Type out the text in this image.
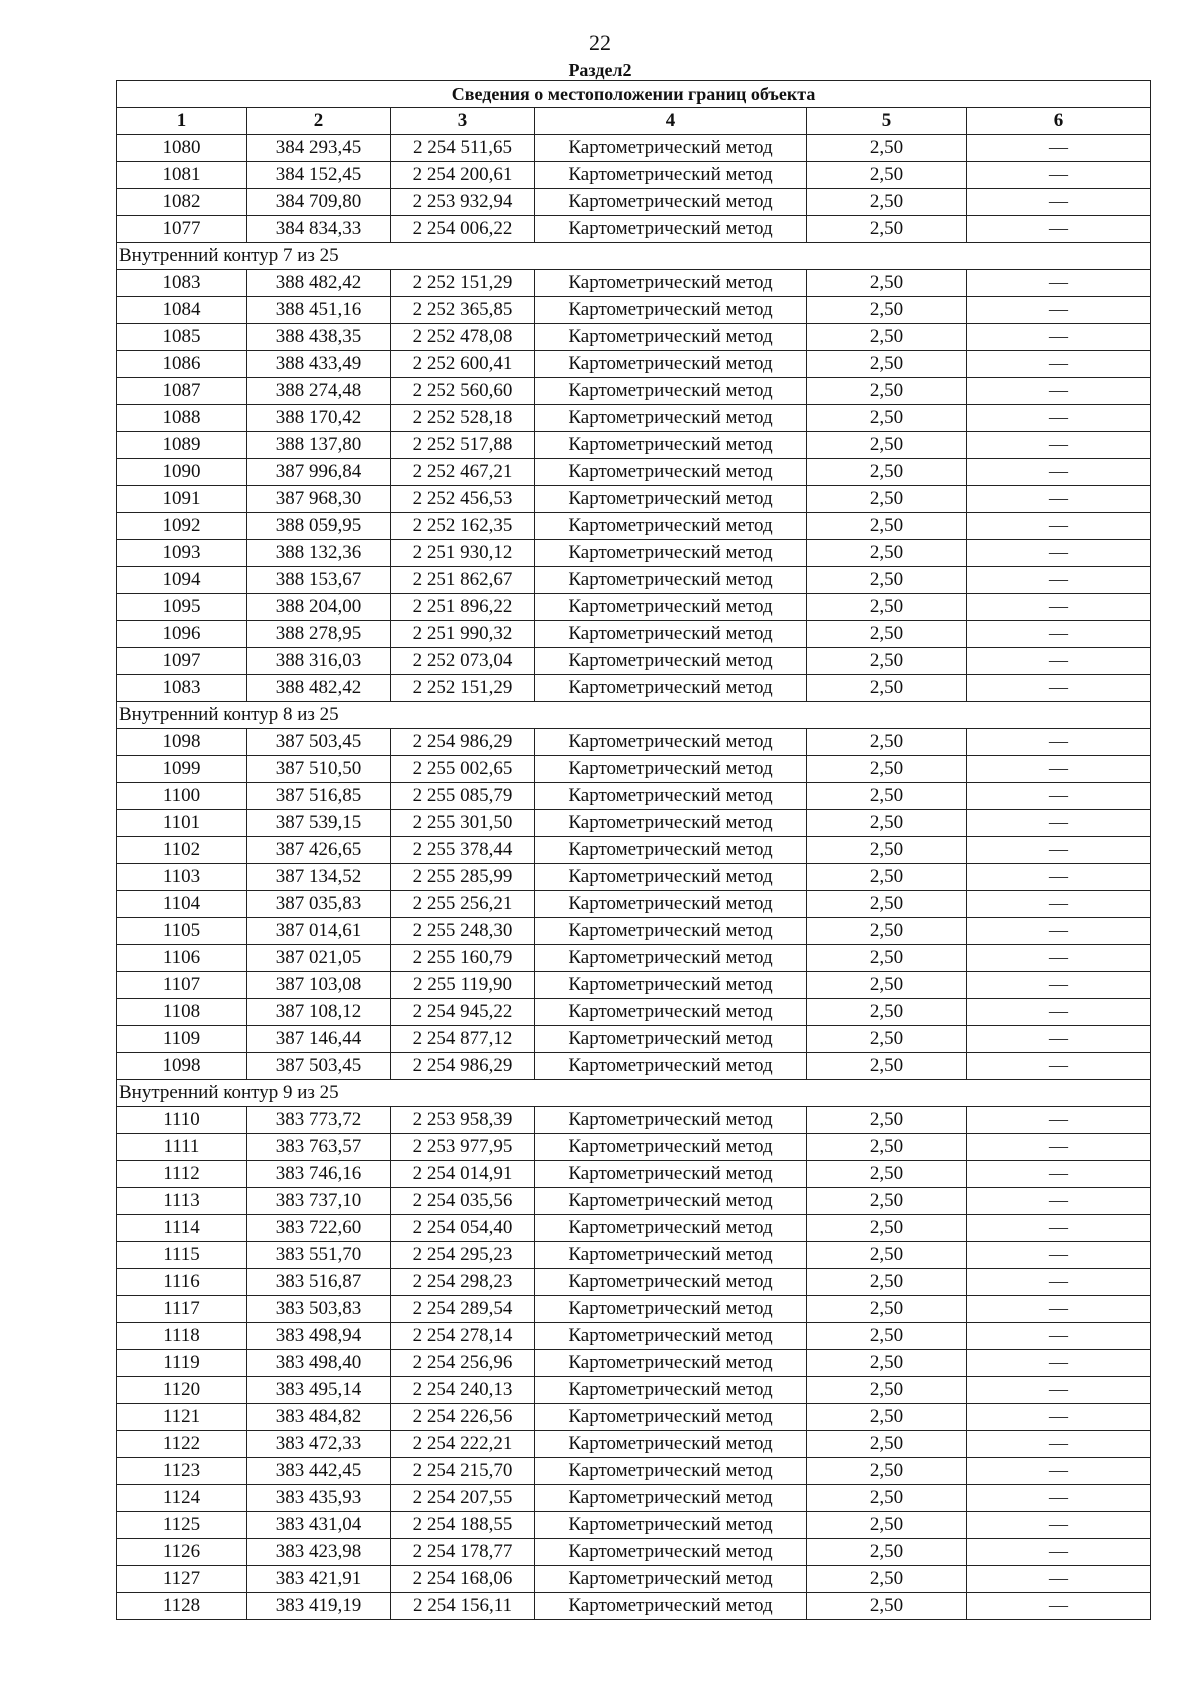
22
Раздел2
Сведения о местоположении границ объекта					
1	2	3	4	5	6
1080	384 293,45	2 254 511,65	Картометрический метод	2,50	—
1081	384 152,45	2 254 200,61	Картометрический метод	2,50	—
1082	384 709,80	2 253 932,94	Картометрический метод	2,50	—
1077	384 834,33	2 254 006,22	Картометрический метод	2,50	—
Внутренний контур 7 из 25					
1083	388 482,42	2 252 151,29	Картометрический метод	2,50	—
1084	388 451,16	2 252 365,85	Картометрический метод	2,50	—
1085	388 438,35	2 252 478,08	Картометрический метод	2,50	—
1086	388 433,49	2 252 600,41	Картометрический метод	2,50	—
1087	388 274,48	2 252 560,60	Картометрический метод	2,50	—
1088	388 170,42	2 252 528,18	Картометрический метод	2,50	—
1089	388 137,80	2 252 517,88	Картометрический метод	2,50	—
1090	387 996,84	2 252 467,21	Картометрический метод	2,50	—
1091	387 968,30	2 252 456,53	Картометрический метод	2,50	—
1092	388 059,95	2 252 162,35	Картометрический метод	2,50	—
1093	388 132,36	2 251 930,12	Картометрический метод	2,50	—
1094	388 153,67	2 251 862,67	Картометрический метод	2,50	—
1095	388 204,00	2 251 896,22	Картометрический метод	2,50	—
1096	388 278,95	2 251 990,32	Картометрический метод	2,50	—
1097	388 316,03	2 252 073,04	Картометрический метод	2,50	—
1083	388 482,42	2 252 151,29	Картометрический метод	2,50	—
Внутренний контур 8 из 25					
1098	387 503,45	2 254 986,29	Картометрический метод	2,50	—
1099	387 510,50	2 255 002,65	Картометрический метод	2,50	—
1100	387 516,85	2 255 085,79	Картометрический метод	2,50	—
1101	387 539,15	2 255 301,50	Картометрический метод	2,50	—
1102	387 426,65	2 255 378,44	Картометрический метод	2,50	—
1103	387 134,52	2 255 285,99	Картометрический метод	2,50	—
1104	387 035,83	2 255 256,21	Картометрический метод	2,50	—
1105	387 014,61	2 255 248,30	Картометрический метод	2,50	—
1106	387 021,05	2 255 160,79	Картометрический метод	2,50	—
1107	387 103,08	2 255 119,90	Картометрический метод	2,50	—
1108	387 108,12	2 254 945,22	Картометрический метод	2,50	—
1109	387 146,44	2 254 877,12	Картометрический метод	2,50	—
1098	387 503,45	2 254 986,29	Картометрический метод	2,50	—
Внутренний контур 9 из 25					
1110	383 773,72	2 253 958,39	Картометрический метод	2,50	—
1111	383 763,57	2 253 977,95	Картометрический метод	2,50	—
1112	383 746,16	2 254 014,91	Картометрический метод	2,50	—
1113	383 737,10	2 254 035,56	Картометрический метод	2,50	—
1114	383 722,60	2 254 054,40	Картометрический метод	2,50	—
1115	383 551,70	2 254 295,23	Картометрический метод	2,50	—
1116	383 516,87	2 254 298,23	Картометрический метод	2,50	—
1117	383 503,83	2 254 289,54	Картометрический метод	2,50	—
1118	383 498,94	2 254 278,14	Картометрический метод	2,50	—
1119	383 498,40	2 254 256,96	Картометрический метод	2,50	—
1120	383 495,14	2 254 240,13	Картометрический метод	2,50	—
1121	383 484,82	2 254 226,56	Картометрический метод	2,50	—
1122	383 472,33	2 254 222,21	Картометрический метод	2,50	—
1123	383 442,45	2 254 215,70	Картометрический метод	2,50	—
1124	383 435,93	2 254 207,55	Картометрический метод	2,50	—
1125	383 431,04	2 254 188,55	Картометрический метод	2,50	—
1126	383 423,98	2 254 178,77	Картометрический метод	2,50	—
1127	383 421,91	2 254 168,06	Картометрический метод	2,50	—
1128	383 419,19	2 254 156,11	Картометрический метод	2,50	—
